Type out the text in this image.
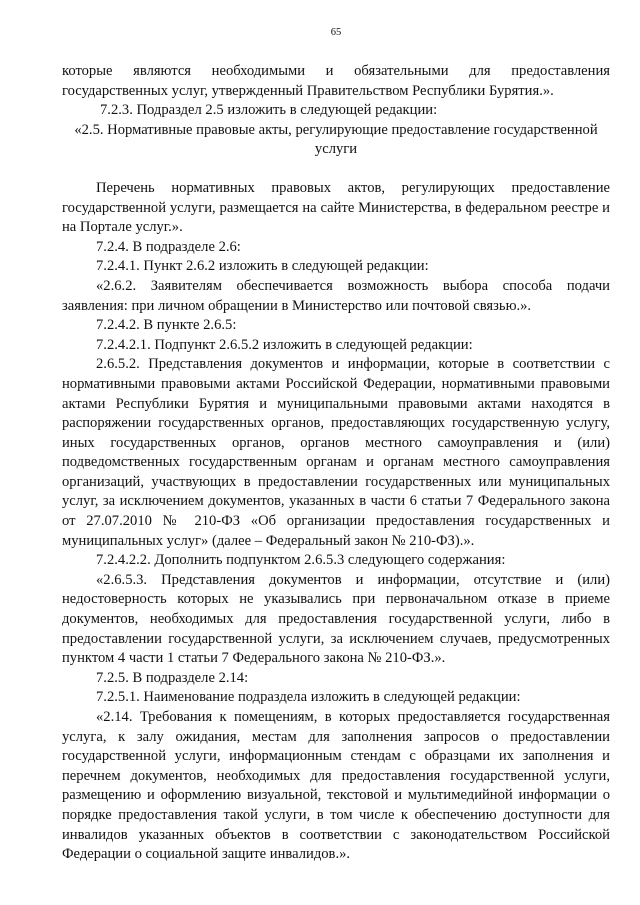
65

которые являются необходимыми и обязательными для предоставления государственных услуг, утвержденный Правительством Республики Бурятия.».

7.2.3. Подраздел 2.5 изложить в следующей редакции:

«2.5. Нормативные правовые акты, регулирующие предоставление государственной услуги

Перечень нормативных правовых актов, регулирующих предоставление государственной услуги, размещается на сайте Министерства, в федеральном реестре и на Портале услуг.».

7.2.4. В подразделе 2.6:

7.2.4.1. Пункт 2.6.2 изложить в следующей редакции:

«2.6.2. Заявителям обеспечивается возможность выбора способа подачи заявления: при личном обращении в Министерство или почтовой связью.».

7.2.4.2. В пункте 2.6.5:

7.2.4.2.1. Подпункт 2.6.5.2 изложить в следующей редакции:

2.6.5.2. Представления документов и информации, которые в соответствии с нормативными правовыми актами Российской Федерации, нормативными правовыми актами Республики Бурятия и муниципальными правовыми актами находятся в распоряжении государственных органов, предоставляющих государственную услугу, иных государственных органов, органов местного самоуправления и (или) подведомственных государственным органам и органам местного самоуправления организаций, участвующих в предоставлении государственных или муниципальных услуг, за исключением документов, указанных в части 6 статьи 7 Федерального закона от 27.07.2010 № 210-ФЗ «Об организации предоставления государственных и муниципальных услуг» (далее – Федеральный закон № 210-ФЗ).».

7.2.4.2.2. Дополнить подпунктом 2.6.5.3 следующего содержания:

«2.6.5.3. Представления документов и информации, отсутствие и (или) недостоверность которых не указывались при первоначальном отказе в приеме документов, необходимых для предоставления государственной услуги, либо в предоставлении государственной услуги, за исключением случаев, предусмотренных пунктом 4 части 1 статьи 7 Федерального закона № 210-ФЗ.».

7.2.5. В подразделе 2.14:

7.2.5.1. Наименование подраздела изложить в следующей редакции:

«2.14. Требования к помещениям, в которых предоставляется государственная услуга, к залу ожидания, местам для заполнения запросов о предоставлении государственной услуги, информационным стендам с образцами их заполнения и перечнем документов, необходимых для предоставления государственной услуги, размещению и оформлению визуальной, текстовой и мультимедийной информации о порядке предоставления такой услуги, в том числе к обеспечению доступности для инвалидов указанных объектов в соответствии с законодательством Российской Федерации о социальной защите инвалидов.».
